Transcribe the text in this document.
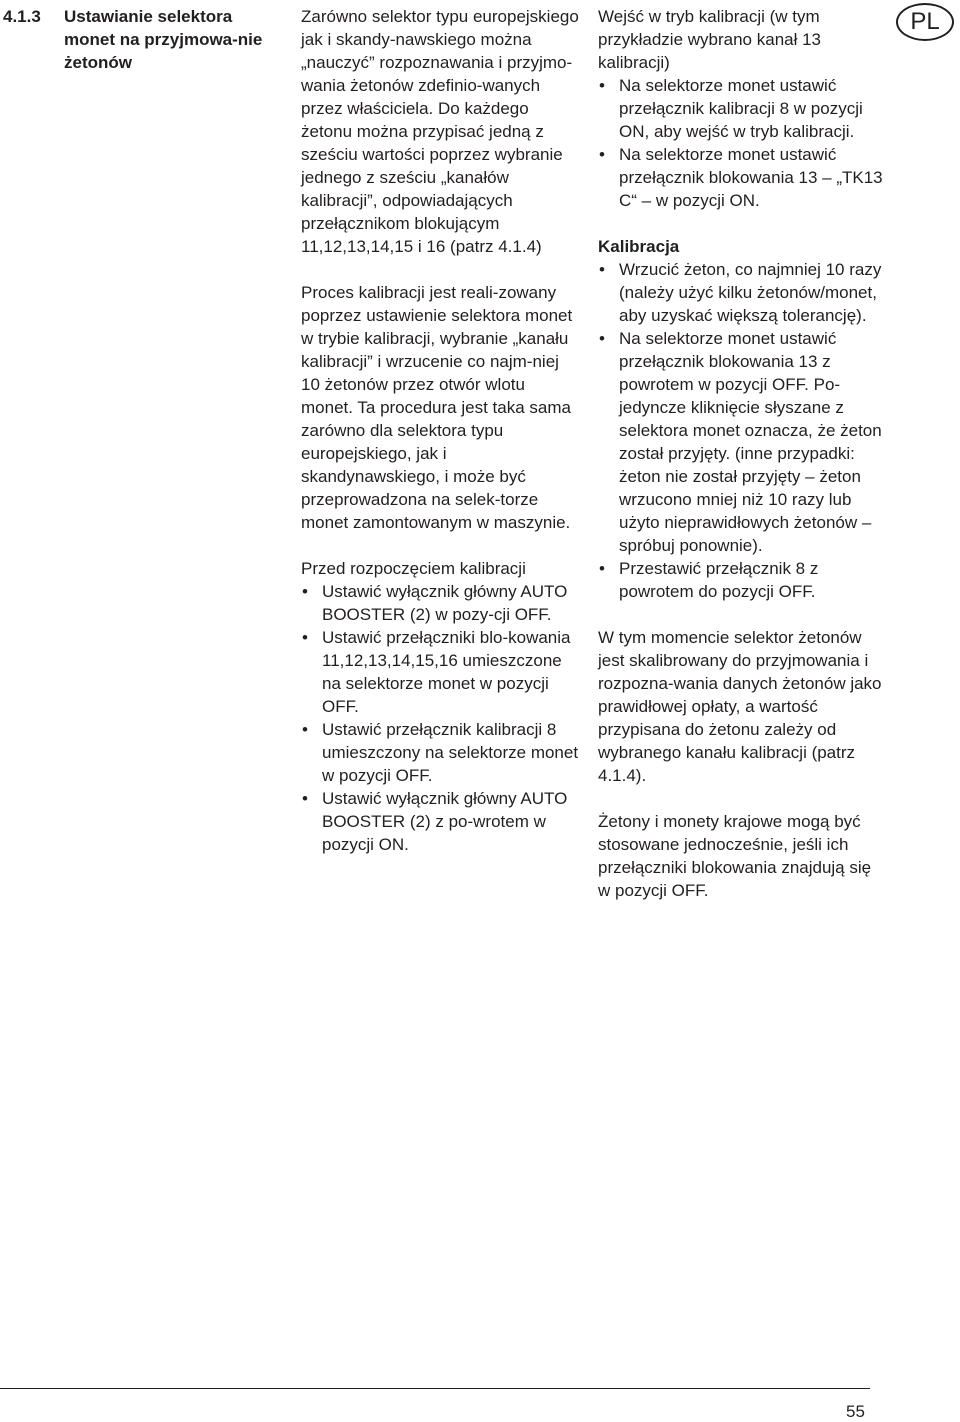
4.1.3 Ustawianie selektora monet na przyjmowa-nie żetonów
PL

Zarówno selektor typu europejskiego jak i skandy-nawskiego można „nauczyć” rozpoznawania i przyjmo-wania żetonów zdefinio-wanych przez właściciela. Do każdego żetonu można przypisać jedną z sześciu wartości poprzez wybranie jednego z sześciu „kanałów kalibracji”, odpowiadających przełącznikom blokującym 11,12,13,14,15 i 16 (patrz 4.1.4)

Proces kalibracji jest reali-zowany poprzez ustawienie selektora monet w trybie kalibracji, wybranie „kanału kalibracji” i wrzucenie co najm-niej 10 żetonów przez otwór wlotu monet. Ta procedura jest taka sama zarówno dla selektora typu europejskiego, jak i skandynawskiego, i może być przeprowadzona na selek-torze monet zamontowanym w maszynie.

Przed rozpoczęciem kalibracji

• Ustawić wyłącznik główny AUTO BOOSTER (2) w pozy-cji OFF.
• Ustawić przełączniki blo-kowania 11,12,13,14,15,16 umieszczone na selektorze monet w pozycji OFF.
• Ustawić przełącznik kalibracji 8 umieszczony na selektorze monet w pozycji OFF.
• Ustawić wyłącznik główny AUTO BOOSTER (2) z po-wrotem w pozycji ON.

Wejść w tryb kalibracji (w tym przykładzie wybrano kanał 13 kalibracji)

• Na selektorze monet ustawić przełącznik kalibracji 8 w pozycji ON, aby wejść w tryb kalibracji.
• Na selektorze monet ustawić przełącznik blokowania 13 – „TK13 C“ – w pozycji ON.
Kalibracja
• Wrzucić żeton, co najmniej 10 razy (należy użyć kilku żetonów/monet, aby uzyskać większą tolerancję).
• Na selektorze monet ustawić przełącznik blokowania 13 z powrotem w pozycji OFF. Po-jedyncze kliknięcie słyszane z selektora monet oznacza, że żeton został przyjęty. (inne przypadki: żeton nie został przyjęty – żeton wrzucono mniej niż 10 razy lub użyto nieprawidłowych żetonów – spróbuj ponownie).
• Przestawić przełącznik 8 z powrotem do pozycji OFF.

W tym momencie selektor żetonów jest skalibrowany do przyjmowania i rozpozna-wania danych żetonów jako prawidłowej opłaty, a wartość przypisana do żetonu zależy od wybranego kanału kalibracji (patrz 4.1.4).

Żetony i monety krajowe mogą być stosowane jednocześnie, jeśli ich przełączniki blokowania znajdują się w pozycji OFF.

55
